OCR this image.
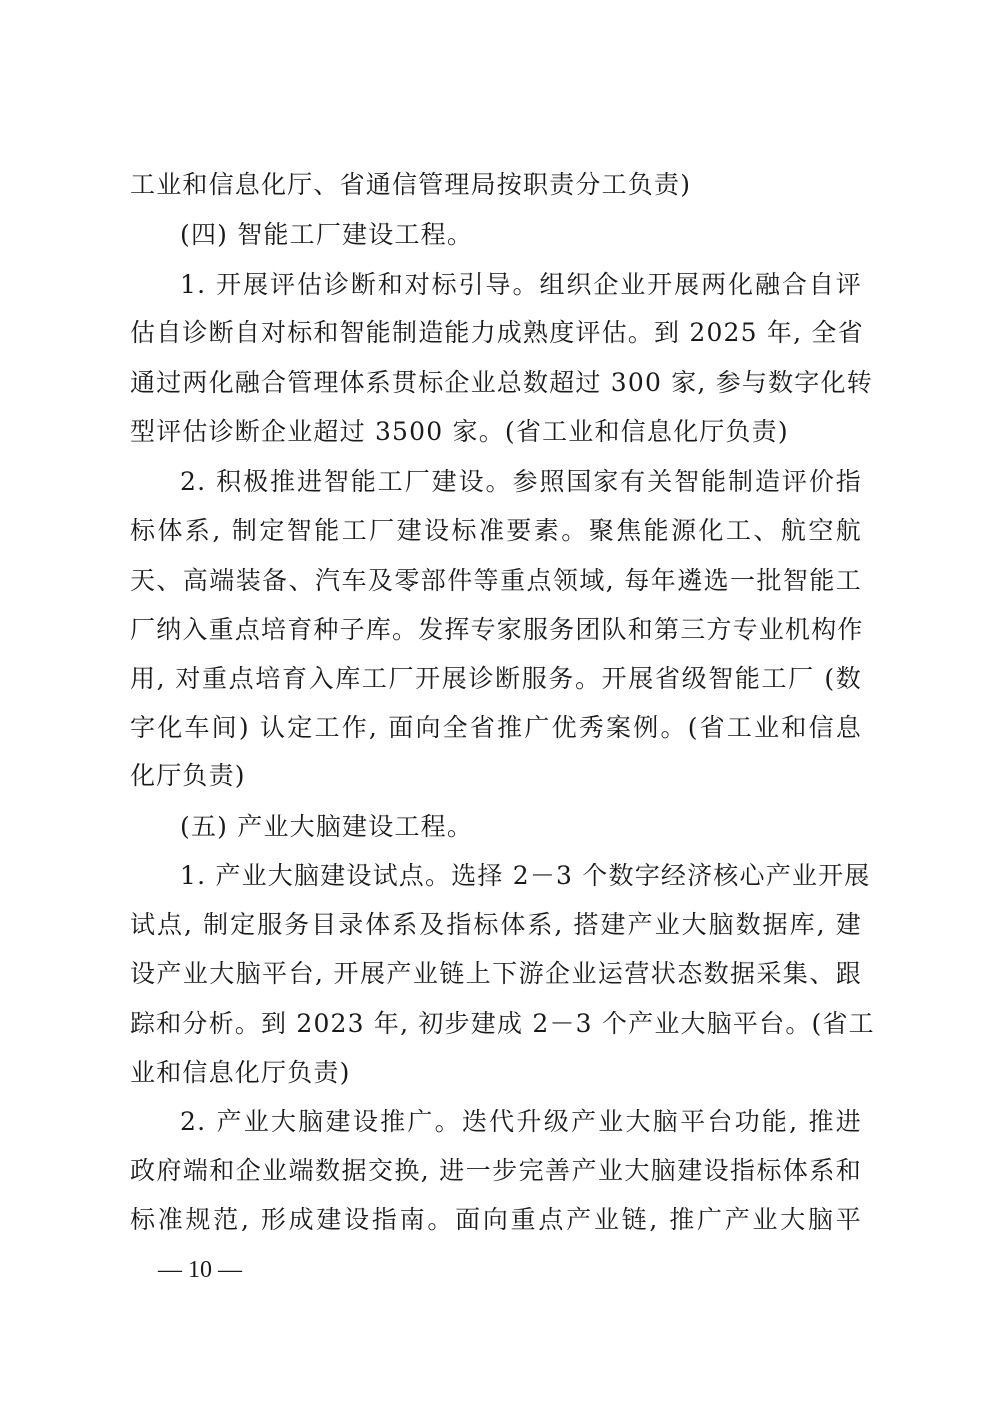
工业和信息化厅、省通信管理局按职责分工负责)
(四) 智能工厂建设工程。
1. 开展评估诊断和对标引导。组织企业开展两化融合自评
估自诊断自对标和智能制造能力成熟度评估。到 2025 年, 全省
通过两化融合管理体系贯标企业总数超过 300 家, 参与数字化转
型评估诊断企业超过 3500 家。(省工业和信息化厅负责)
2. 积极推进智能工厂建设。参照国家有关智能制造评价指
标体系, 制定智能工厂建设标准要素。聚焦能源化工、航空航
天、高端装备、汽车及零部件等重点领域, 每年遴选一批智能工
厂纳入重点培育种子库。发挥专家服务团队和第三方专业机构作
用, 对重点培育入库工厂开展诊断服务。开展省级智能工厂 (数
字化车间) 认定工作, 面向全省推广优秀案例。(省工业和信息
化厅负责)
(五) 产业大脑建设工程。
1. 产业大脑建设试点。选择 2－3 个数字经济核心产业开展
试点, 制定服务目录体系及指标体系, 搭建产业大脑数据库, 建
设产业大脑平台, 开展产业链上下游企业运营状态数据采集、跟
踪和分析。到 2023 年, 初步建成 2－3 个产业大脑平台。(省工
业和信息化厅负责)
2. 产业大脑建设推广。迭代升级产业大脑平台功能, 推进
政府端和企业端数据交换, 进一步完善产业大脑建设指标体系和
标准规范, 形成建设指南。面向重点产业链, 推广产业大脑平
— 10 —
